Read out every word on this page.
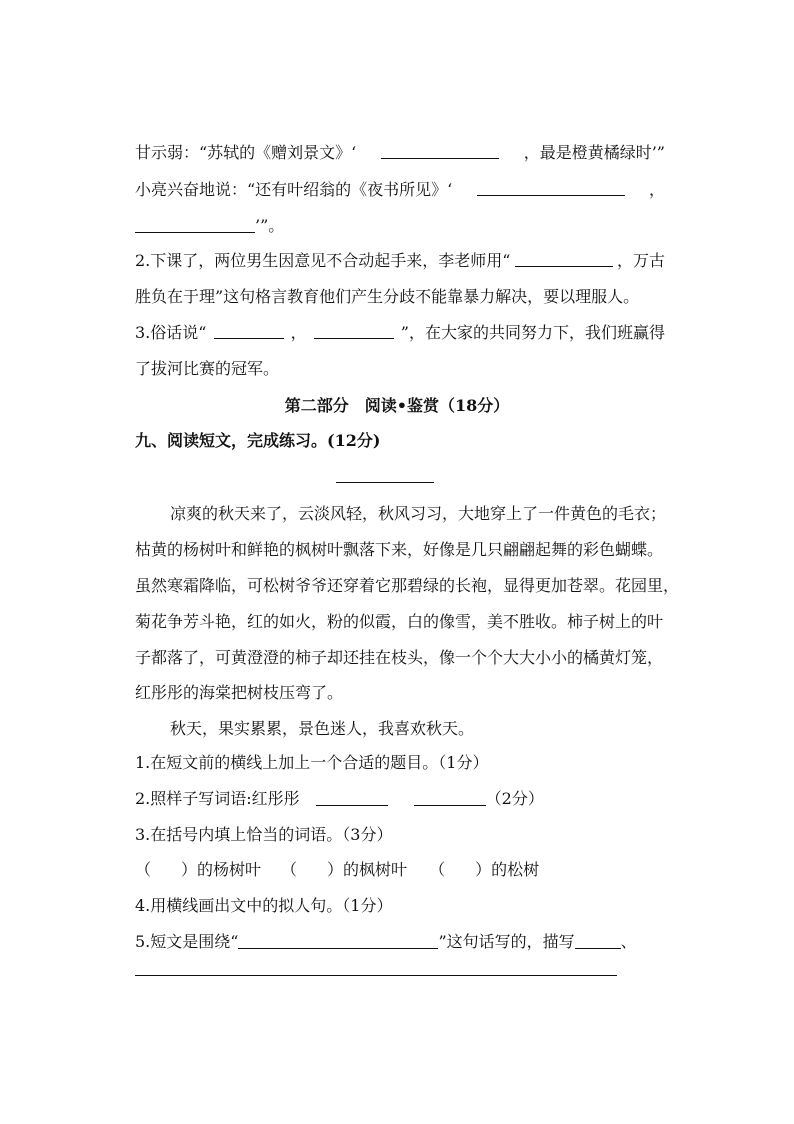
甘示弱：“苏轼的《赠刘景文》‘	，最是橙黄橘绿时’”
小亮兴奋地说：“还有叶绍翁的《夜书所见》‘	，
’”。
2.下课了，两位男生因意见不合动起手来，李老师用“	，万古
胜负在于理”这句格言教育他们产生分歧不能靠暴力解决，要以理服人。
3.俗话说“	，	”，在大家的共同努力下，我们班赢得
了拔河比赛的冠军。
第二部分　阅读•鉴赏（18分）
九、阅读短文，完成练习。(12分)
凉爽的秋天来了，云淡风轻，秋风习习，大地穿上了一件黄色的毛衣；
枯黄的杨树叶和鲜艳的枫树叶飘落下来，好像是几只翩翩起舞的彩色蝴蝶。
虽然寒霜降临，可松树爷爷还穿着它那碧绿的长袍，显得更加苍翠。花园里，
菊花争芳斗艳，红的如火，粉的似霞，白的像雪，美不胜收。柿子树上的叶
子都落了，可黄澄澄的柿子却还挂在枝头，像一个个大大小小的橘黄灯笼，
红彤彤的海棠把树枝压弯了。
秋天，果实累累，景色迷人，我喜欢秋天。
1.在短文前的横线上加上一个合适的题目。（1分）
2.照样子写词语:红彤彤	（2分）
3.在括号内填上恰当的词语。（3分）
（ ）的杨树叶 （ ）的枫树叶 （ ）的松树
4.用横线画出文中的拟人句。（1分）
5.短文是围绕“	”这句话写的，描写	、
